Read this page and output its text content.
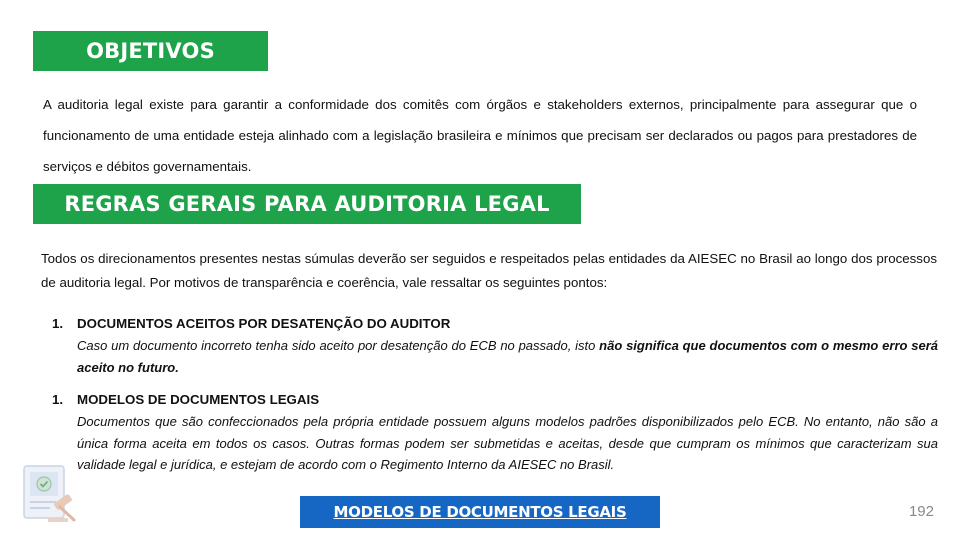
OBJETIVOS
A auditoria legal existe para garantir a conformidade dos comitês com órgãos e stakeholders externos, principalmente para assegurar que o funcionamento de uma entidade esteja alinhado com a legislação brasileira e mínimos que precisam ser declarados ou pagos para prestadores de serviços e débitos governamentais.
REGRAS GERAIS PARA AUDITORIA LEGAL
Todos os direcionamentos presentes nestas súmulas deverão ser seguidos e respeitados pelas entidades da AIESEC no Brasil ao longo dos processos de auditoria legal. Por motivos de transparência e coerência, vale ressaltar os seguintes pontos:
1. DOCUMENTOS ACEITOS POR DESATENÇÃO DO AUDITOR
Caso um documento incorreto tenha sido aceito por desatenção do ECB no passado, isto não significa que documentos com o mesmo erro será aceito no futuro.
1. MODELOS DE DOCUMENTOS LEGAIS
Documentos que são confeccionados pela própria entidade possuem alguns modelos padrões disponibilizados pelo ECB. No entanto, não são a única forma aceita em todos os casos. Outras formas podem ser submetidas e aceitas, desde que cumpram os mínimos que caracterizam sua validade legal e jurídica, e estejam de acordo com o Regimento Interno da AIESEC no Brasil.
MODELOS DE DOCUMENTOS LEGAIS	192
